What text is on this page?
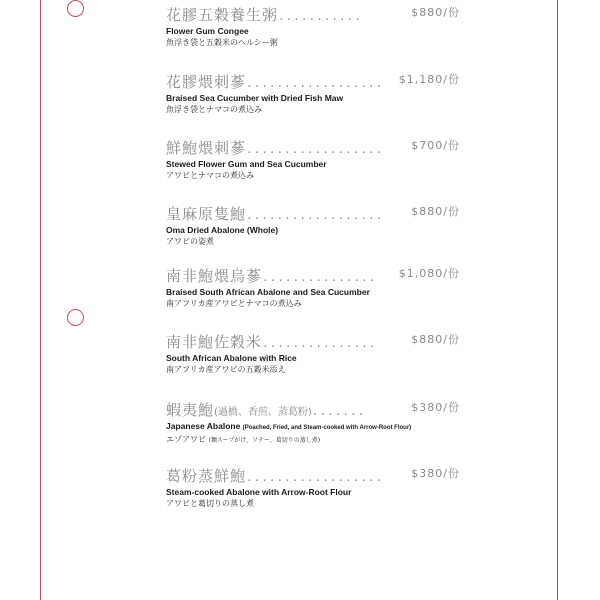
花膠五穀養生粥...........	$880/份
Flower Gum Congee
魚浮き袋と五穀米のヘルシー粥
花膠煨刺蔘.................. $1,180/份
Braised Sea Cucumber with Dried Fish Maw
魚浮き袋とナマコの煮込み
鮮鮑煨刺蔘..................	$700/份
Stewed Flower Gum and Sea Cucumber
アワビとナマコの煮込み
皇麻原隻鮑..................	$880/份
Oma Dried Abalone (Whole)
アワビの姿煮
南非鮑煨烏蔘............... $1,080/份
Braised South African Abalone and Sea Cucumber
南アフリカ産アワビとナマコの煮込み
南非鮑佐穀米...............	$880/份
South African Abalone with Rice
南アフリカ産アワビの五穀米添え
蝦夷鮑(過橋、香煎、蒸葛粉).......	$380/份
Japanese Abalone (Poached, Fried, and Steam-cooked with Arrow-Root Flour)
エゾアワビ (麺スープがけ、ソテー、葛切りの蒸し煮)
葛粉蒸鮮鮑..................	$380/份
Steam-cooked Abalone with Arrow-Root Flour
アワビと葛切りの蒸し煮
